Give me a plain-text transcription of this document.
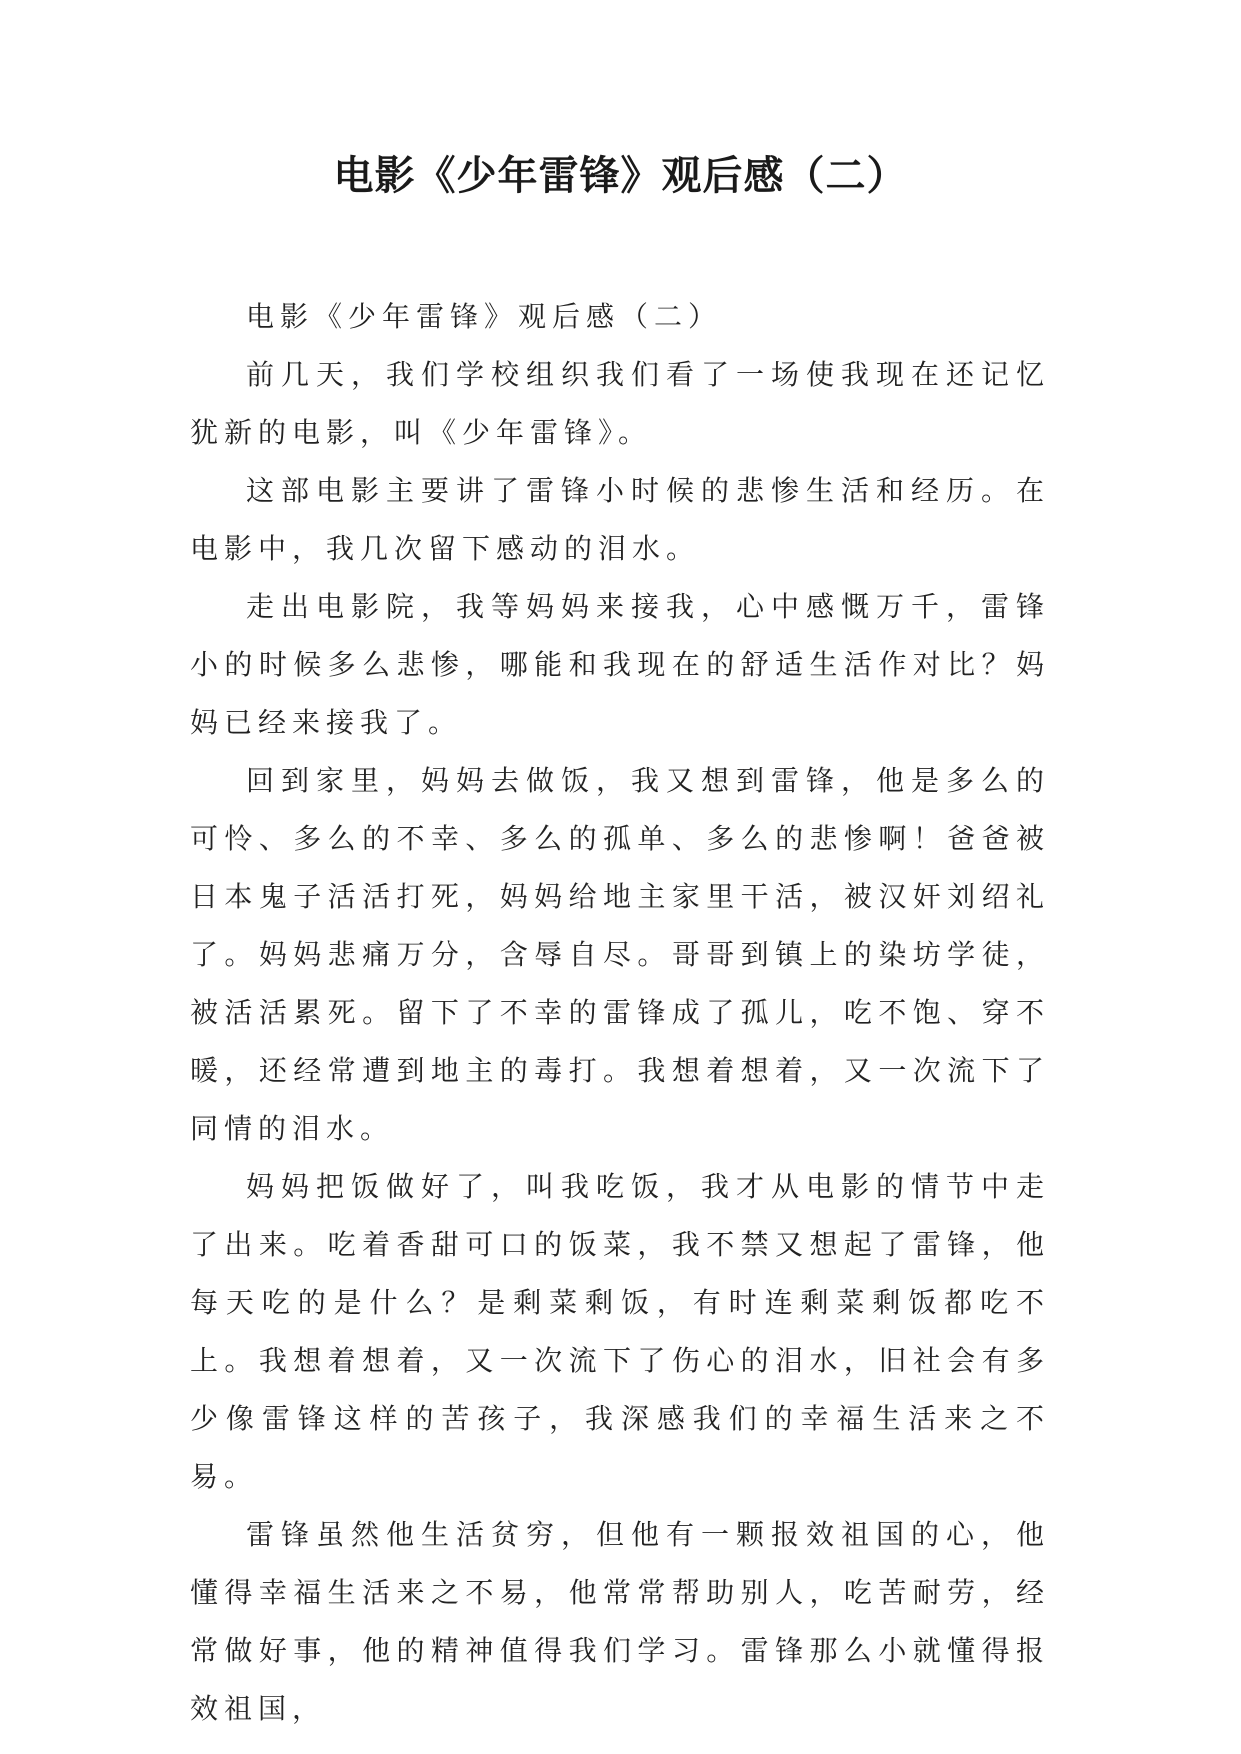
电影《少年雷锋》观后感（二）

电影《少年雷锋》观后感（二）

前几天，我们学校组织我们看了一场使我现在还记忆犹新的电影，叫《少年雷锋》。

这部电影主要讲了雷锋小时候的悲惨生活和经历。在电影中，我几次留下感动的泪水。

走出电影院，我等妈妈来接我，心中感慨万千，雷锋小的时候多么悲惨，哪能和我现在的舒适生活作对比？妈妈已经来接我了。

回到家里，妈妈去做饭，我又想到雷锋，他是多么的可怜、多么的不幸、多么的孤单、多么的悲惨啊！爸爸被日本鬼子活活打死，妈妈给地主家里干活，被汉奸刘绍礼了。妈妈悲痛万分，含辱自尽。哥哥到镇上的染坊学徒，被活活累死。留下了不幸的雷锋成了孤儿，吃不饱、穿不暖，还经常遭到地主的毒打。我想着想着，又一次流下了同情的泪水。

妈妈把饭做好了，叫我吃饭，我才从电影的情节中走了出来。吃着香甜可口的饭菜，我不禁又想起了雷锋，他每天吃的是什么？是剩菜剩饭，有时连剩菜剩饭都吃不上。我想着想着，又一次流下了伤心的泪水，旧社会有多少像雷锋这样的苦孩子，我深感我们的幸福生活来之不易。

雷锋虽然他生活贫穷，但他有一颗报效祖国的心，他懂得幸福生活来之不易，他常常帮助别人，吃苦耐劳，经常做好事，他的精神值得我们学习。雷锋那么小就懂得报效祖国，
